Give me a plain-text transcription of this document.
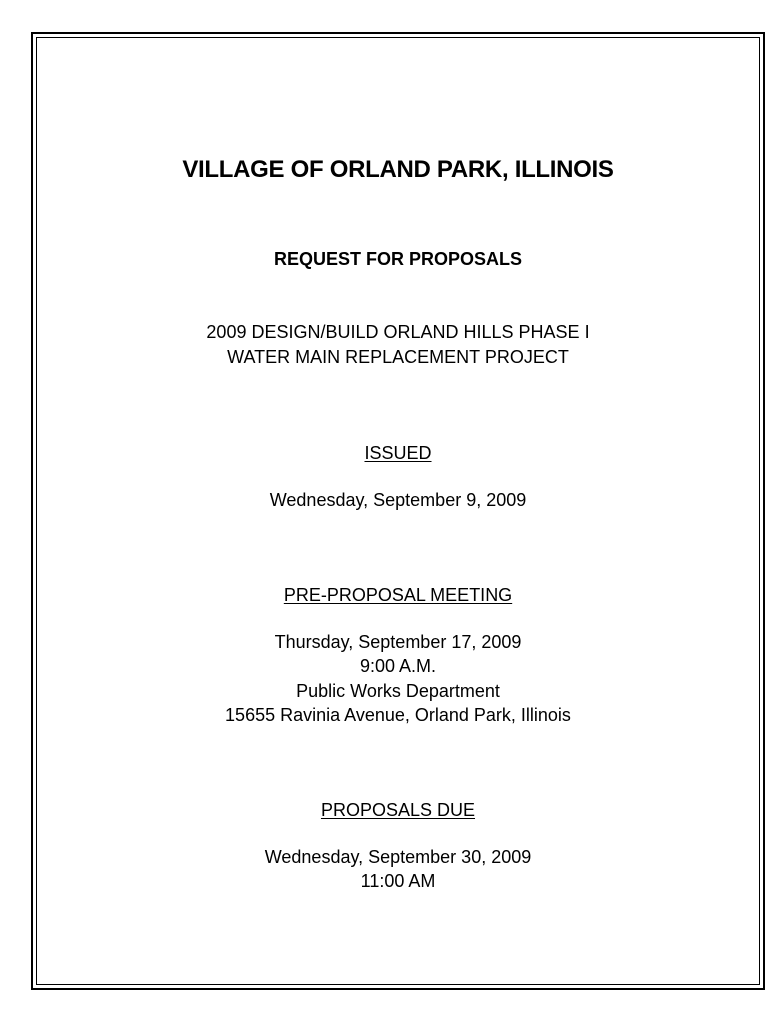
VILLAGE OF ORLAND PARK, ILLINOIS
REQUEST FOR PROPOSALS
2009 DESIGN/BUILD ORLAND HILLS PHASE I
WATER MAIN REPLACEMENT PROJECT
ISSUED
Wednesday, September 9, 2009
PRE-PROPOSAL MEETING
Thursday, September 17, 2009
9:00 A.M.
Public Works Department
15655 Ravinia Avenue, Orland Park, Illinois
PROPOSALS DUE
Wednesday, September 30, 2009
11:00 AM
